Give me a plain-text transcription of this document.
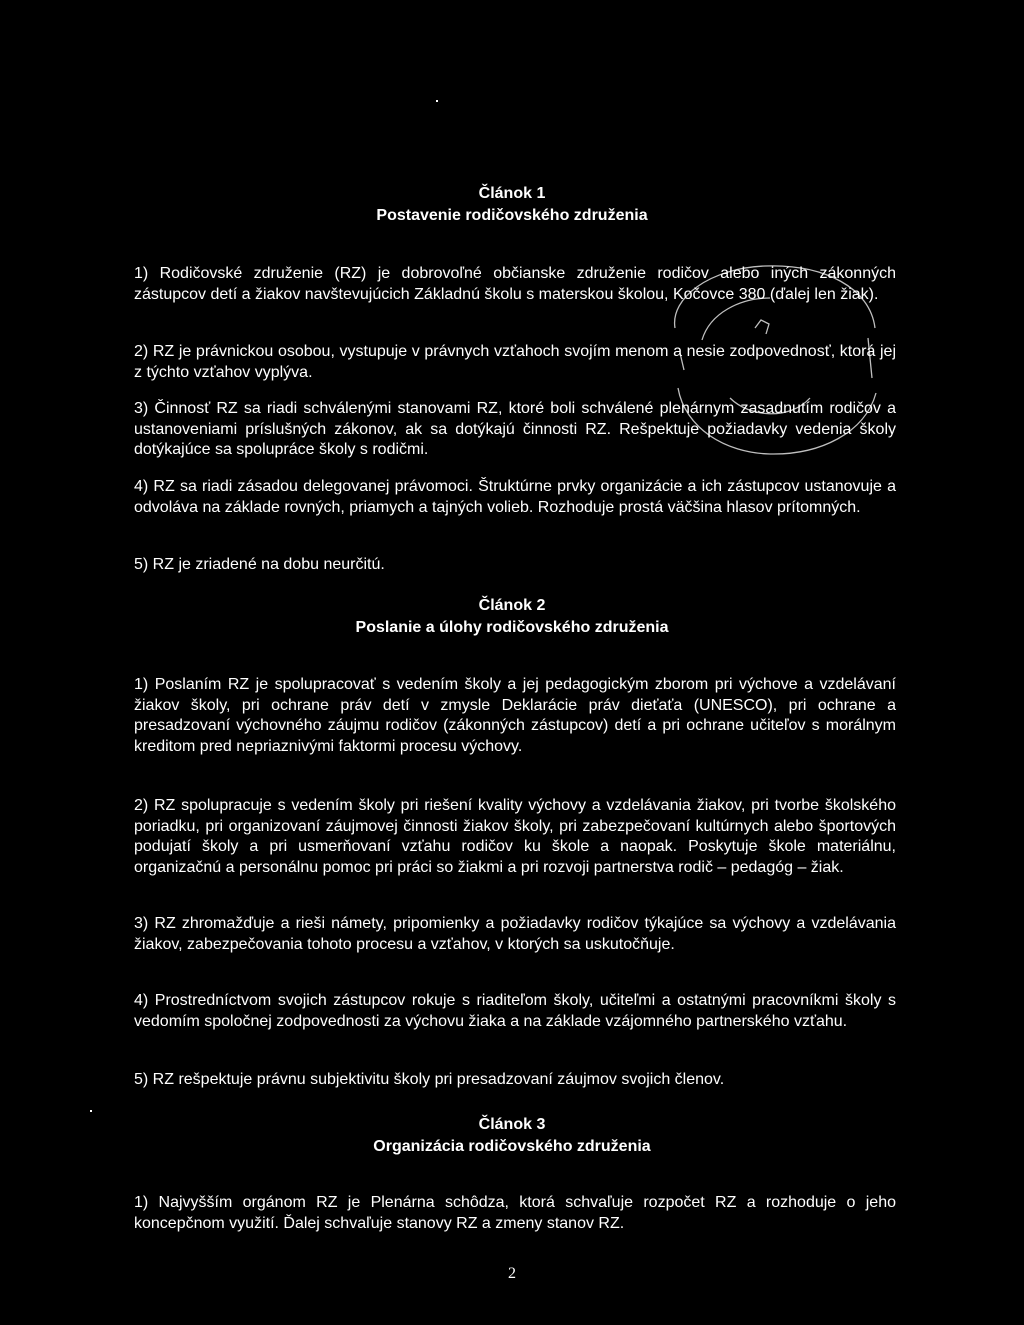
Článok 1
Postavenie rodičovského združenia

1) Rodičovské združenie (RZ) je dobrovoľné občianske združenie rodičov alebo iných zákonných zástupcov detí a žiakov navštevujúcich Základnú školu s materskou školou, Kočovce 380 (ďalej len žiak).

2) RZ je právnickou osobou, vystupuje v právnych vzťahoch svojím menom a nesie zodpovednosť, ktorá jej z týchto vzťahov vyplýva.

3) Činnosť RZ sa riadi schválenými stanovami RZ, ktoré boli schválené plenárnym zasadnutím rodičov a ustanoveniami príslušných zákonov, ak sa dotýkajú činnosti RZ. Rešpektuje požiadavky vedenia školy dotýkajúce sa spolupráce školy s rodičmi.

4) RZ sa riadi zásadou delegovanej právomoci. Štruktúrne prvky organizácie a ich zástupcov ustanovuje a odvoláva na základe rovných, priamych a tajných volieb. Rozhoduje prostá väčšina hlasov prítomných.

5) RZ je zriadené na dobu neurčitú.

Článok 2
Poslanie a úlohy rodičovského združenia

1) Poslaním RZ je spolupracovať s vedením školy a jej pedagogickým zborom pri výchove a vzdelávaní žiakov školy, pri ochrane práv detí v zmysle Deklarácie práv dieťaťa (UNESCO), pri ochrane a presadzovaní výchovného záujmu rodičov (zákonných zástupcov) detí a pri ochrane učiteľov s morálnym kreditom pred nepriaznivými faktormi procesu výchovy.

2) RZ spolupracuje s vedením školy pri riešení kvality výchovy a vzdelávania žiakov, pri tvorbe školského poriadku, pri organizovaní záujmovej činnosti žiakov školy, pri zabezpečovaní kultúrnych alebo športových podujatí školy a pri usmerňovaní vzťahu rodičov ku škole a naopak. Poskytuje škole materiálnu, organizačnú a personálnu pomoc pri práci so žiakmi a pri rozvoji partnerstva rodič – pedagóg – žiak.

3) RZ zhromažďuje a rieši námety, pripomienky a požiadavky rodičov týkajúce sa výchovy a vzdelávania žiakov, zabezpečovania tohoto procesu a vzťahov, v ktorých sa uskutočňuje.

4) Prostredníctvom svojich zástupcov rokuje s riaditeľom školy, učiteľmi a ostatnými pracovníkmi školy s vedomím spoločnej zodpovednosti za výchovu žiaka a na základe vzájomného partnerského vzťahu.

5) RZ rešpektuje právnu subjektivitu školy pri presadzovaní záujmov svojich členov.

Článok 3
Organizácia rodičovského združenia

1) Najvyšším orgánom RZ je Plenárna schôdza, ktorá schvaľuje rozpočet RZ a rozhoduje o jeho koncepčnom využití. Ďalej schvaľuje stanovy RZ a zmeny stanov RZ.

2
